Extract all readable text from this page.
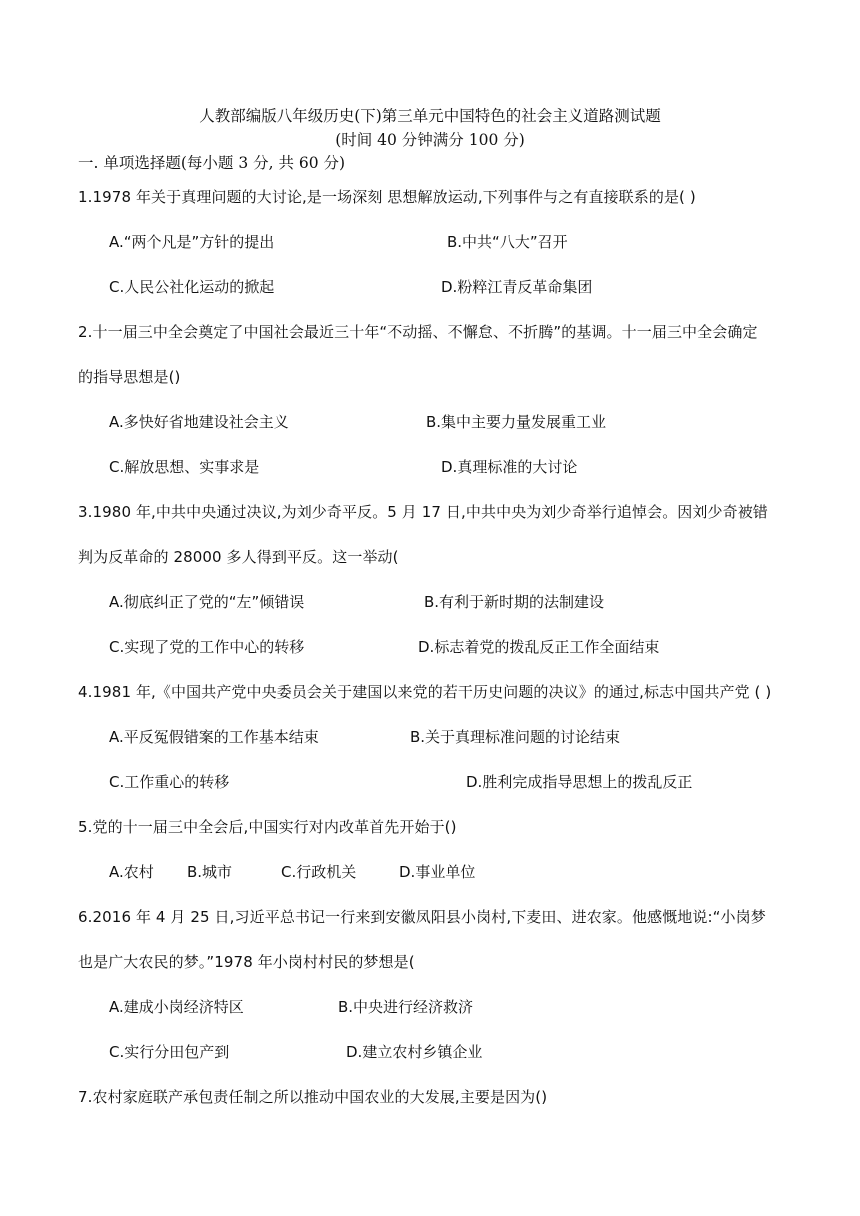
人教部编版八年级历史(下)第三单元中国特色的社会主义道路测试题
(时间 40 分钟满分 100 分)
一. 单项选择题(每小题 3 分, 共 60 分)
1.1978 年关于真理问题的大讨论,是一场深刻 思想解放运动,下列事件与之有直接联系的是( )
A.“两个凡是”方针的提出	B.中共“八大”召开
C.人民公社化运动的掀起	D.粉粹江青反革命集团
2.十一届三中全会奠定了中国社会最近三十年“不动摇、不懈怠、不折腾”的基调。十一届三中全会确定
的指导思想是()
A.多快好省地建设社会主义	B.集中主要力量发展重工业
C.解放思想、实事求是	D.真理标准的大讨论
3.1980 年,中共中央通过决议,为刘少奇平反。5 月 17 日,中共中央为刘少奇举行追悼会。因刘少奇被错
判为反革命的 28000 多人得到平反。这一举动(
A.彻底纠正了党的“左”倾错误	B.有利于新时期的法制建设
C.实现了党的工作中心的转移	D.标志着党的拨乱反正工作全面结束
4.1981 年,《中国共产党中央委员会关于建国以来党的若干历史问题的决议》的通过,标志中国共产党 ( )
A.平反冤假错案的工作基本结束	B.关于真理标准问题的讨论结束
C.工作重心的转移	D.胜利完成指导思想上的拨乱反正
5.党的十一届三中全会后,中国实行对内改革首先开始于()
A.农村 B.城市	C.行政机关	D.事业单位
6.2016 年 4 月 25 日,习近平总书记一行来到安徽凤阳县小岗村,下麦田、进农家。他感慨地说:“小岗梦
也是广大农民的梦。”1978 年小岗村村民的梦想是(
A.建成小岗经济特区	B.中央进行经济救济
C.实行分田包产到	D.建立农村乡镇企业
7.农村家庭联产承包责任制之所以推动中国农业的大发展,主要是因为()
